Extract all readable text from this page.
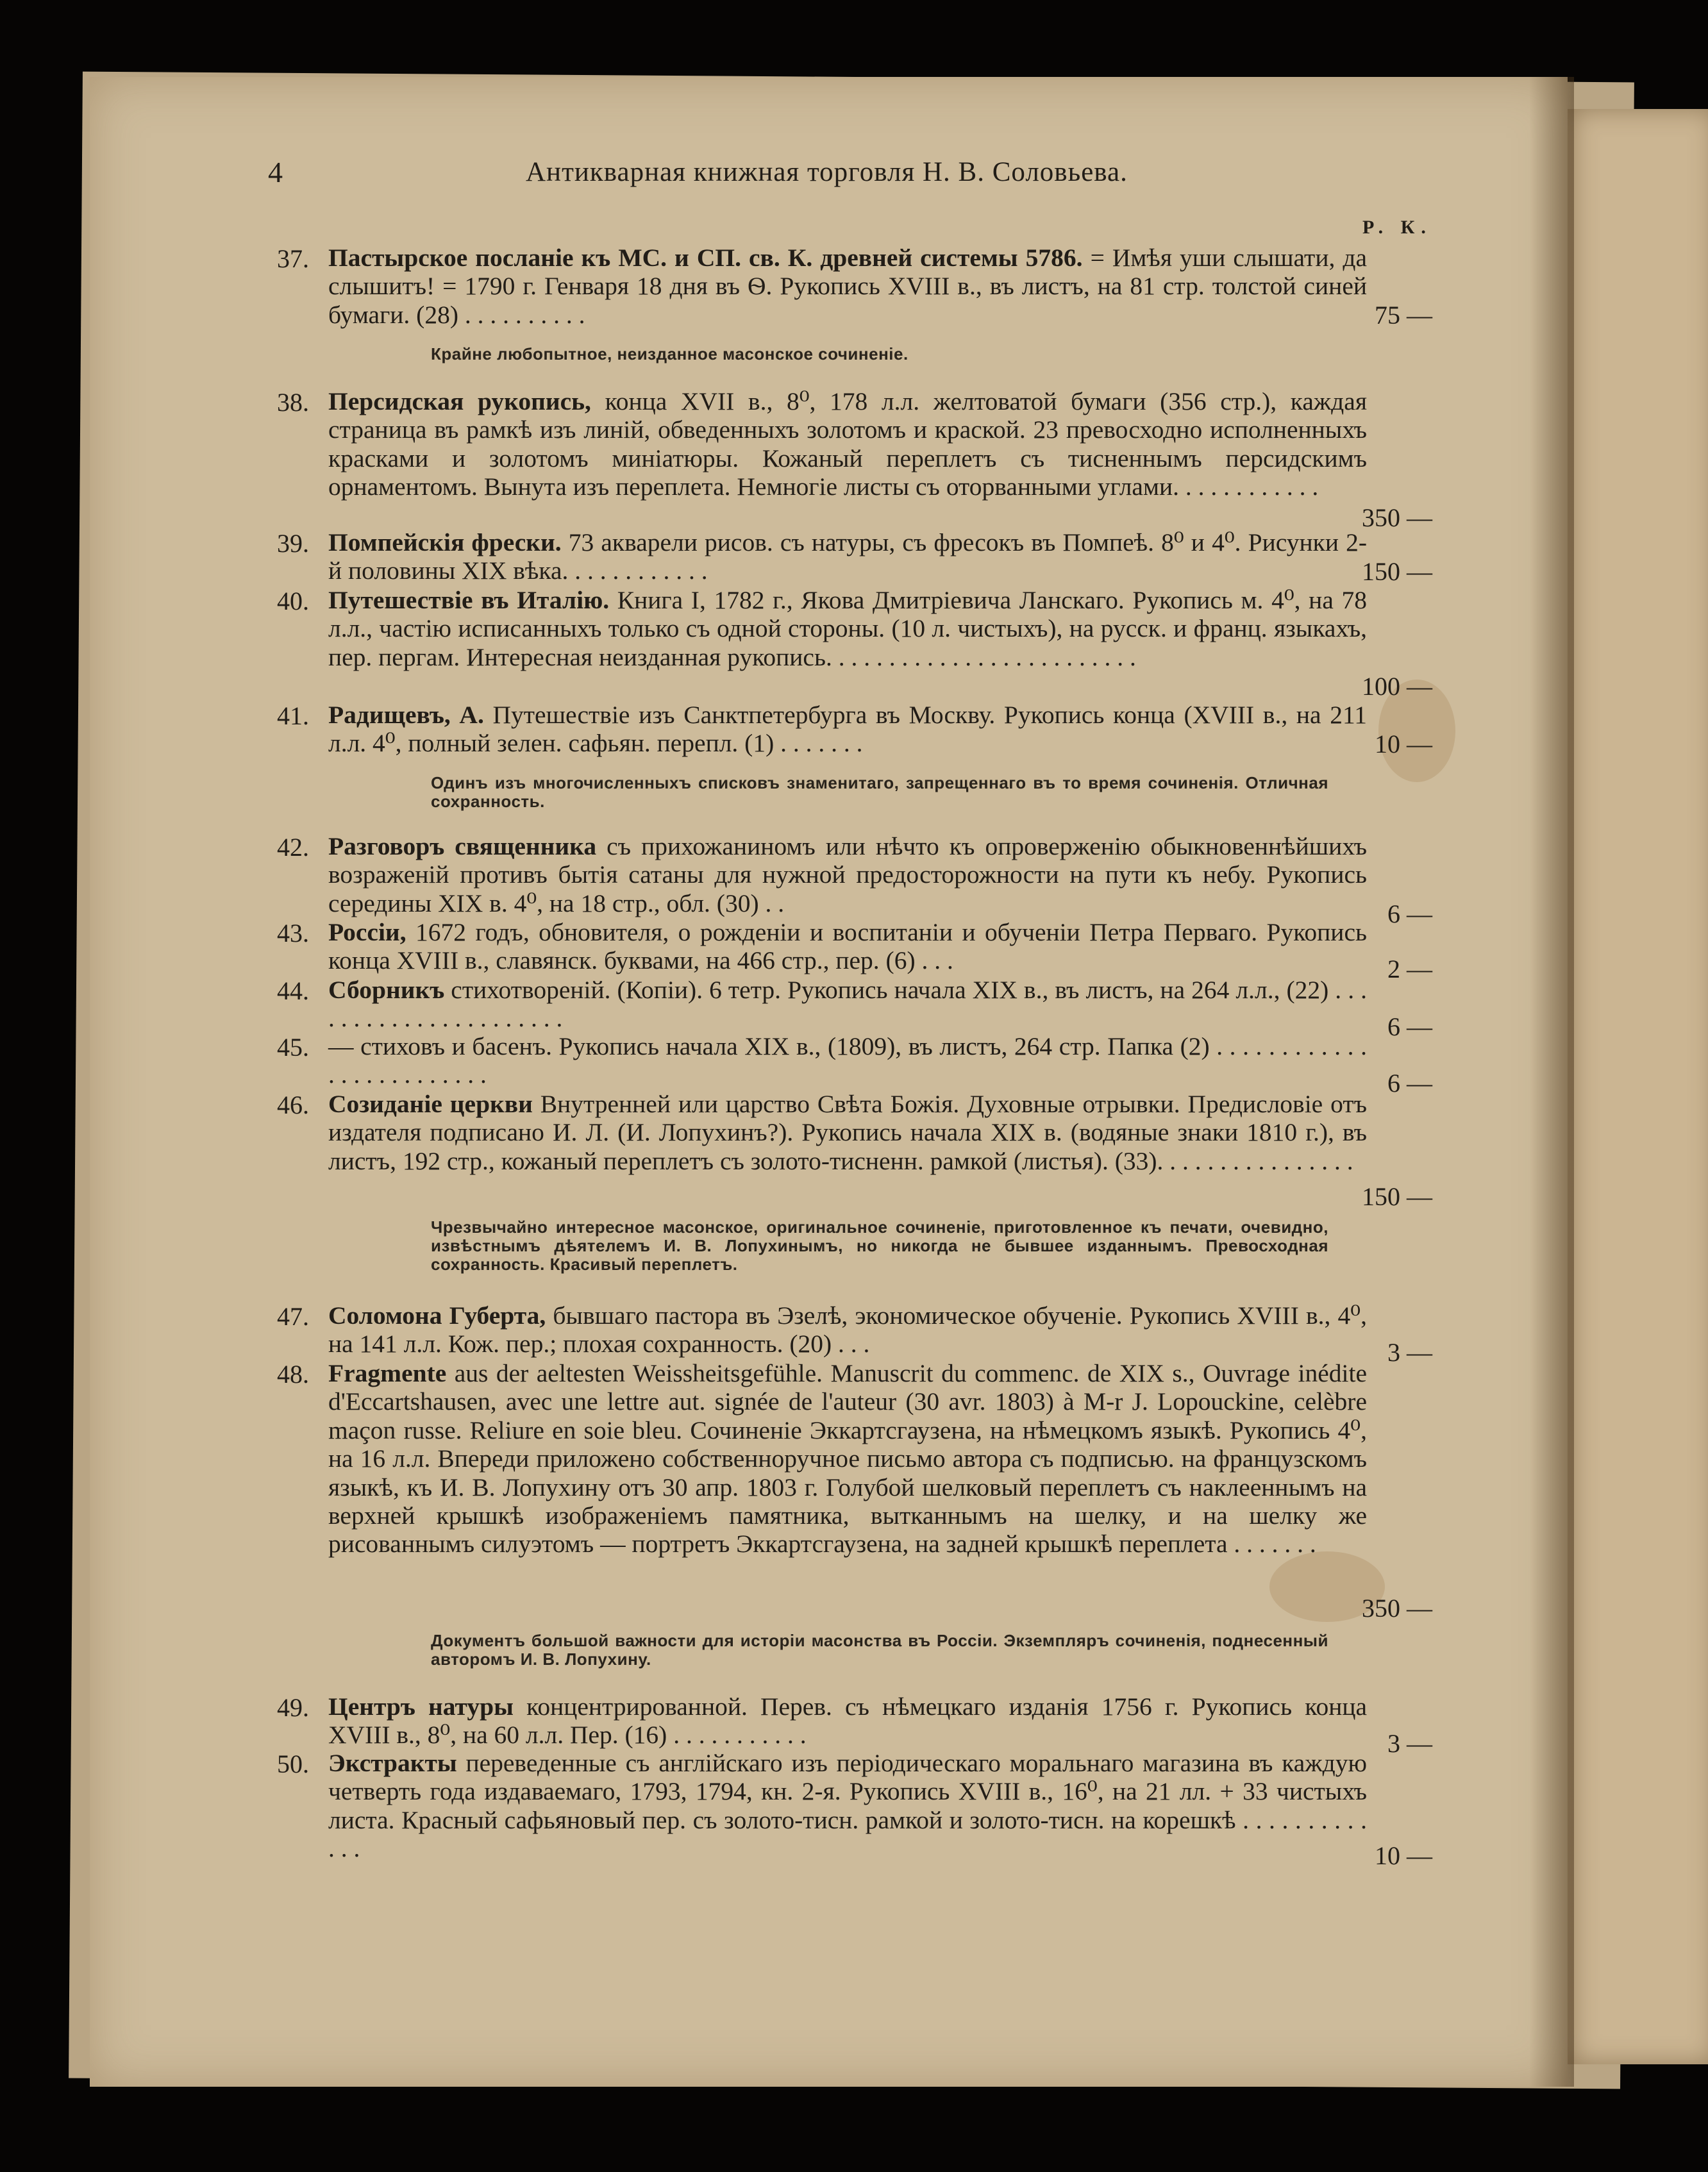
4	Антикварная книжная торговля Н. В. Соловьева.
Р. К.
37. Пастырское посланіе къ МС. и СП. св. К. древней системы 5786. = Имѣя уши слышати, да слышитъ! = 1790 г. Генваря 18 дня въ Ѳ. Рукопись XVIII в., въ листъ, на 81 стр. толстой синей бумаги. (28) . . . . . . . . . .	75 —
Крайне любопытное, неизданное масонское сочиненіе.
38. Персидская рукопись, конца XVII в., 8⁰, 178 л.л. желтоватой бумаги (356 стр.), каждая страница въ рамкѣ изъ линій, обведенныхъ золотомъ и краской. 23 превосходно исполненныхъ красками и золотомъ миніатюры. Кожаный переплетъ съ тисненнымъ персидскимъ орнаментомъ. Вынута изъ переплета. Немногіе листы съ оторванными углами. . . . . . . . . . . .
350 —
39. Помпейскія фрески. 73 акварели рисов. съ натуры, съ фресокъ въ Помпеѣ. 8⁰ и 4⁰. Рисунки 2-й половины XIX вѣка. . . . . . . . . . . .	150 —
40. Путешествіе въ Италію. Книга I, 1782 г., Якова Дмитріевича Ланскаго. Рукопись м. 4⁰, на 78 л.л., частію исписанныхъ только съ одной стороны. (10 л. чистыхъ), на русск. и франц. языкахъ, пер. пергам. Интересная неизданная рукопись. . . . . . . . . . . . . . . . . . . . . . . . .
100 —
41. Радищевъ, А. Путешествіе изъ Санктпетербурга въ Москву. Рукопись конца (XVIII в., на 211 л.л. 4⁰, полный зелен. сафьян. перепл. (1) . . . . . . .	10 —
Одинъ изъ многочисленныхъ списковъ знаменитаго, запрещеннаго въ то время сочиненія. Отличная сохранность.
42. Разговоръ священника съ прихожаниномъ или нѣчто къ опроверженію обыкновеннѣйшихъ возраженій противъ бытія сатаны для нужной предосторожности на пути къ небу. Рукопись середины XIX в. 4⁰, на 18 стр., обл. (30) . .	6 —
43. Россіи, 1672 годъ, обновителя, о рожденіи и воспитаніи и обученіи Петра Перваго. Рукопись конца XVIII в., славянск. буквами, на 466 стр., пер. (6) . . .	2 —
44. Сборникъ стихотвореній. (Копіи). 6 тетр. Рукопись начала XIX в., въ листъ, на 264 л.л., (22) . . . . . . . . . . . . . . . . . . . . . .	6 —
45. — стиховъ и басенъ. Рукопись начала XIX в., (1809), въ листъ, 264 стр. Папка (2) . . . . . . . . . . . . . . . . . . . . . . . . .	6 —
46. Созиданіе церкви Внутренней или царство Свѣта Божія. Духовные отрывки. Предисловіе отъ издателя подписано И. Л. (И. Лопухинъ?). Рукопись начала XIX в. (водяные знаки 1810 г.), въ листъ, 192 стр., кожаный переплетъ съ золото-тисненн. рамкой (листья). (33). . . . . . . . . . . . . . . .
150 —
Чрезвычайно интересное масонское, оригинальное сочиненіе, приготовленное къ печати, очевидно, извѣстнымъ дѣятелемъ И. В. Лопухинымъ, но никогда не бывшее изданнымъ. Превосходная сохранность. Красивый переплетъ.
47. Соломона Губерта, бывшаго пастора въ Эзелѣ, экономическое обученіе. Рукопись XVIII в., 4⁰, на 141 л.л. Кож. пер.; плохая сохранность. (20) . . .	3 —
48. Fragmente aus der aeltesten Weissheitsgefühle. Manuscrit du commenc. de XIX s., Ouvrage inédite d'Eccartshausen, avec une lettre aut. signée de l'auteur (30 avr. 1803) à M-r J. Lopouckine, celèbre maçon russe. Reliure en soie bleu. Сочиненіе Эккартсгаузена, на нѣмецкомъ языкѣ. Рукопись 4⁰, на 16 л.л. Впереди приложено собственноручное письмо автора съ подписью. на французскомъ языкѣ, къ И. В. Лопухину отъ 30 апр. 1803 г. Голубой шелковый переплетъ съ наклееннымъ на верхней крышкѣ изображеніемъ памятника, вытканнымъ на шелку, и на шелку же рисованнымъ силуэтомъ — портретъ Эккартсгаузена, на задней крышкѣ переплета . . . . . . .
350 —
Документъ большой важности для исторіи масонства въ Россіи. Экземпляръ сочиненія, поднесенный авторомъ И. В. Лопухину.
49. Центръ натуры концентрированной. Перев. съ нѣмецкаго изданія 1756 г. Рукопись конца XVIII в., 8⁰, на 60 л.л. Пер. (16) . . . . . . . . . . .	3 —
50. Экстракты переведенные съ англійскаго изъ періодическаго моральнаго магазина въ каждую четверть года издаваемаго, 1793, 1794, кн. 2-я. Рукопись XVIII в., 16⁰, на 21 лл. + 33 чистыхъ листа. Красный сафьяновый пер. съ золото-тисн. рамкой и золото-тисн. на корешкѣ . . . . . . . . . . . . .	10 —
